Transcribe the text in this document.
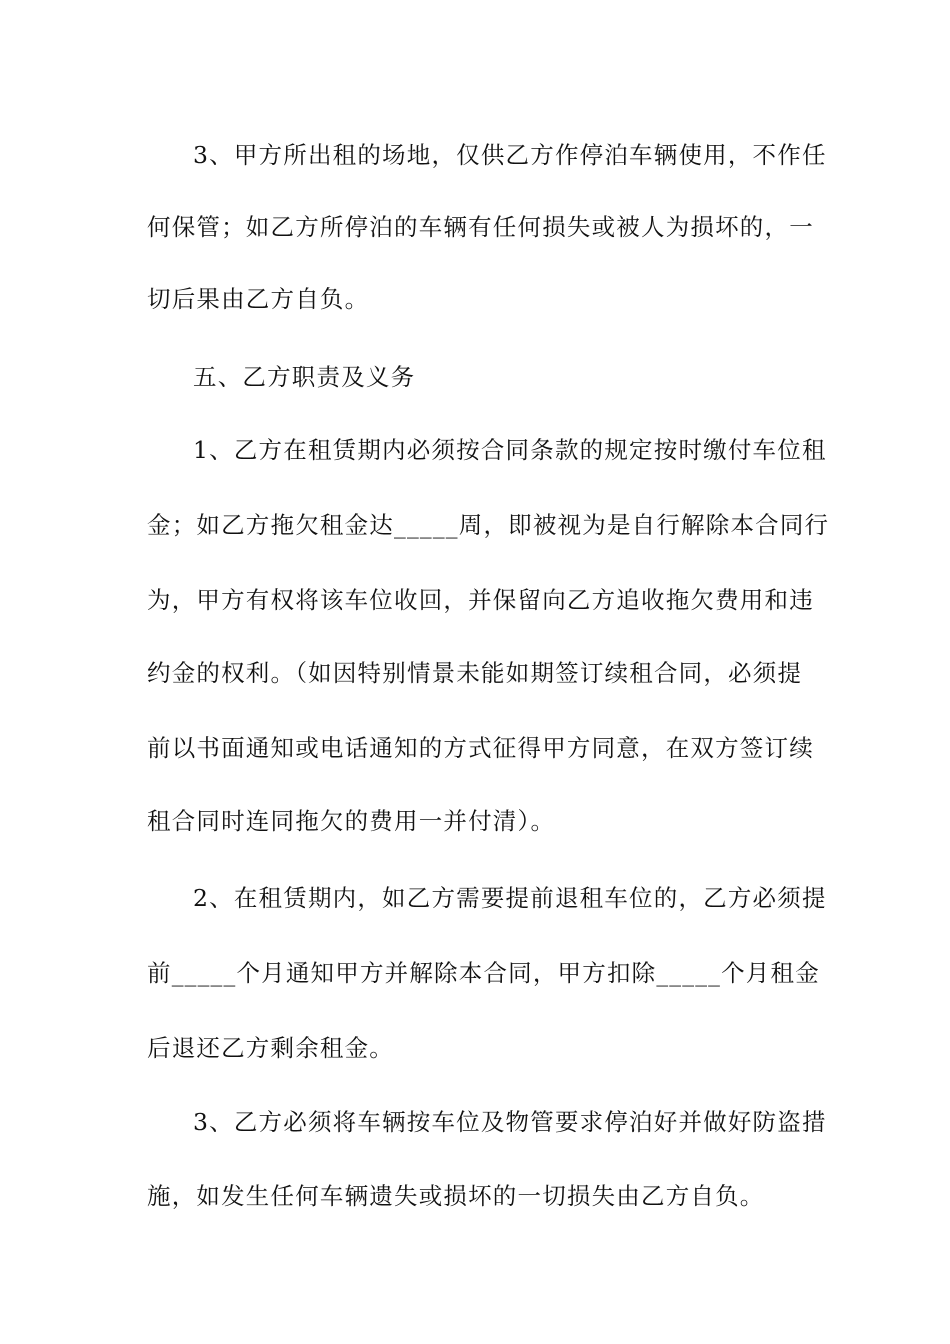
3、甲方所出租的场地，仅供乙方作停泊车辆使用，不作任
何保管；如乙方所停泊的车辆有任何损失或被人为损坏的，一
切后果由乙方自负。
五、乙方职责及义务
1、乙方在租赁期内必须按合同条款的规定按时缴付车位租
金；如乙方拖欠租金达_____周，即被视为是自行解除本合同行
为，甲方有权将该车位收回，并保留向乙方追收拖欠费用和违
约金的权利。（如因特别情景未能如期签订续租合同，必须提
前以书面通知或电话通知的方式征得甲方同意，在双方签订续
租合同时连同拖欠的费用一并付清）。
2、在租赁期内，如乙方需要提前退租车位的，乙方必须提
前_____个月通知甲方并解除本合同，甲方扣除_____个月租金
后退还乙方剩余租金。
3、乙方必须将车辆按车位及物管要求停泊好并做好防盗措
施，如发生任何车辆遗失或损坏的一切损失由乙方自负。
